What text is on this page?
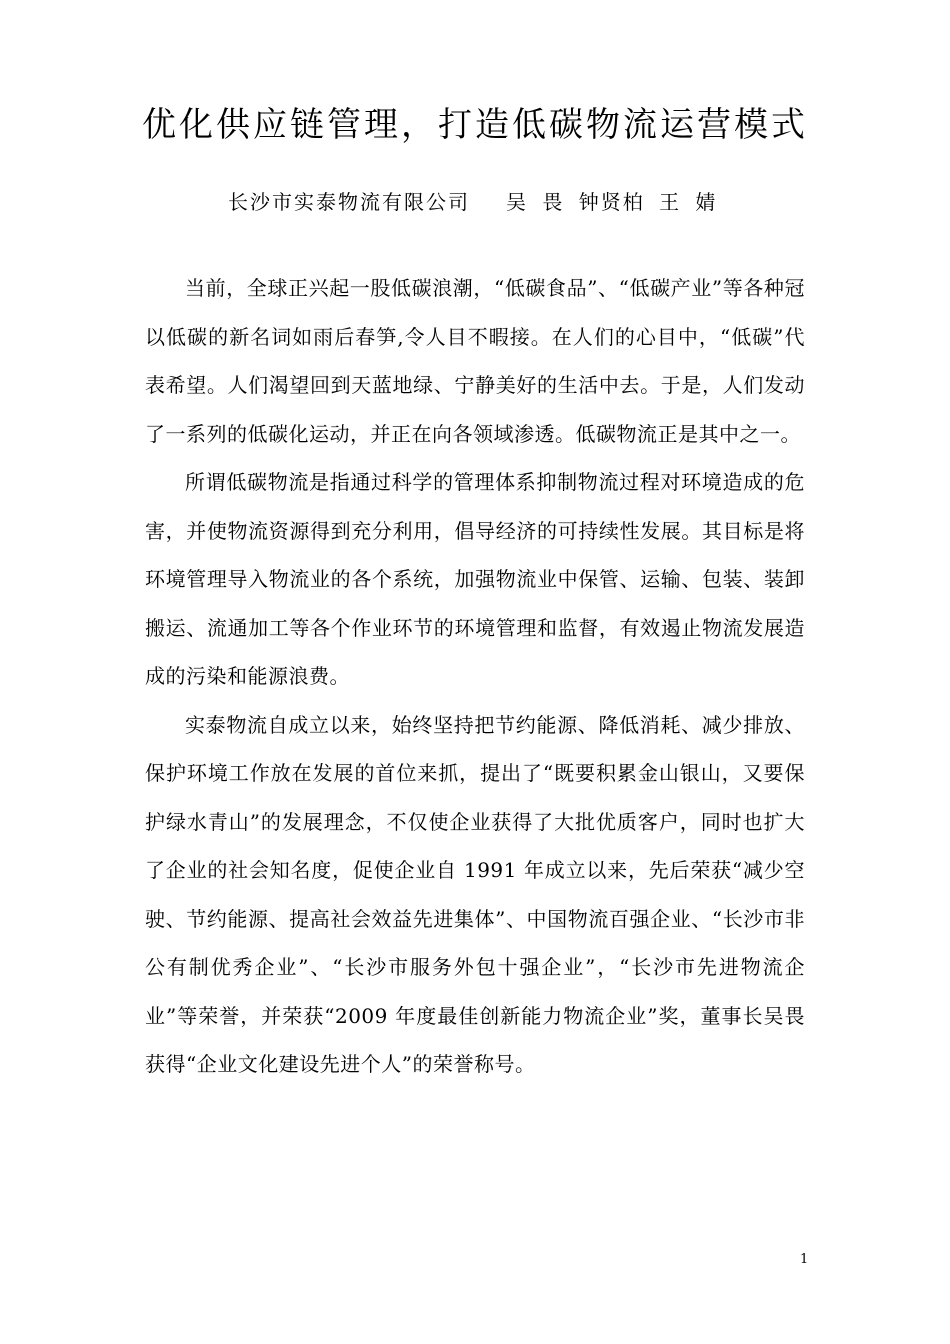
优化供应链管理，打造低碳物流运营模式
长沙市实泰物流有限公司 吴 畏 钟贤柏 王 婧

当前，全球正兴起一股低碳浪潮，“低碳食品”、“低碳产业”等各种冠以低碳的新名词如雨后春笋,令人目不暇接。在人们的心目中，“低碳”代表希望。人们渴望回到天蓝地绿、宁静美好的生活中去。于是，人们发动了一系列的低碳化运动，并正在向各领域渗透。低碳物流正是其中之一。

所谓低碳物流是指通过科学的管理体系抑制物流过程对环境造成的危害，并使物流资源得到充分利用，倡导经济的可持续性发展。其目标是将环境管理导入物流业的各个系统，加强物流业中保管、运输、包装、装卸搬运、流通加工等各个作业环节的环境管理和监督，有效遏止物流发展造成的污染和能源浪费。

实泰物流自成立以来，始终坚持把节约能源、降低消耗、减少排放、保护环境工作放在发展的首位来抓，提出了“既要积累金山银山，又要保护绿水青山”的发展理念，不仅使企业获得了大批优质客户，同时也扩大了企业的社会知名度，促使企业自 1991 年成立以来，先后荣获“减少空驶、节约能源、提高社会效益先进集体”、中国物流百强企业、“长沙市非公有制优秀企业”、“长沙市服务外包十强企业”，“长沙市先进物流企业”等荣誉，并荣获“2009 年度最佳创新能力物流企业”奖，董事长吴畏获得“企业文化建设先进个人”的荣誉称号。

1
